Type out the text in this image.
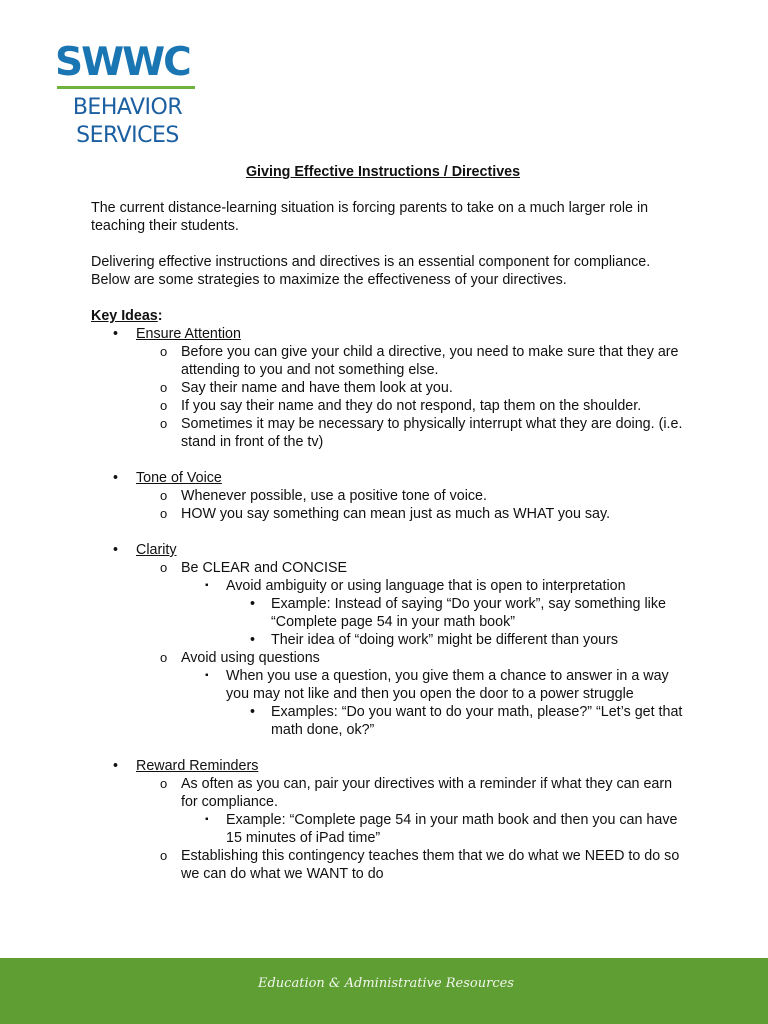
SWWC
BEHAVIOR
SERVICES
Giving Effective Instructions / Directives

The current distance-learning situation is forcing parents to take on a much larger role in teaching their students.

Delivering effective instructions and directives is an essential component for compliance. Below are some strategies to maximize the effectiveness of your directives.

Key Ideas:
• Ensure Attention
o Before you can give your child a directive, you need to make sure that they are attending to you and not something else.
o Say their name and have them look at you.
o If you say their name and they do not respond, tap them on the shoulder.
o Sometimes it may be necessary to physically interrupt what they are doing. (i.e. stand in front of the tv)
• Tone of Voice
o Whenever possible, use a positive tone of voice.
o HOW you say something can mean just as much as WHAT you say.
• Clarity
o Be CLEAR and CONCISE
▪ Avoid ambiguity or using language that is open to interpretation
• Example: Instead of saying “Do your work”, say something like “Complete page 54 in your math book”
• Their idea of “doing work” might be different than yours
o Avoid using questions
▪ When you use a question, you give them a chance to answer in a way you may not like and then you open the door to a power struggle
• Examples: “Do you want to do your math, please?” “Let’s get that math done, ok?”
• Reward Reminders
o As often as you can, pair your directives with a reminder if what they can earn for compliance.
▪ Example: “Complete page 54 in your math book and then you can have 15 minutes of iPad time”
o Establishing this contingency teaches them that we do what we NEED to do so we can do what we WANT to do
Education & Administrative Resources
